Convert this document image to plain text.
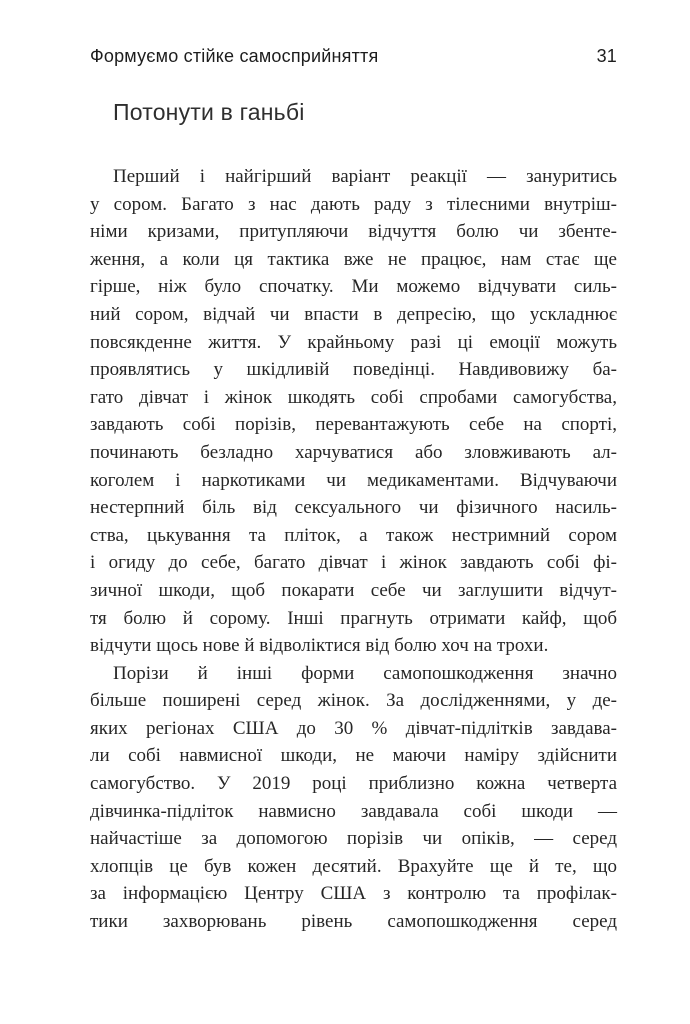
Формуємо стійке самосприйняття	31
Потонути в ганьбі
Перший і найгірший варіант реакції — зануритись
у сором. Багато з нас дають раду з тілесними внутріш-
німи кризами, притупляючи відчуття болю чи збенте-
ження, а коли ця тактика вже не працює, нам стає ще
гірше, ніж було спочатку. Ми можемо відчувати силь-
ний сором, відчай чи впасти в депресію, що ускладнює
повсякденне життя. У крайньому разі ці емоції можуть
проявлятись у шкідливій поведінці. Навдивовижу ба-
гато дівчат і жінок шкодять собі спробами самогубства,
завдають собі порізів, перевантажують себе на спорті,
починають безладно харчуватися або зловживають ал-
коголем і наркотиками чи медикаментами. Відчуваючи
нестерпний біль від сексуального чи фізичного насиль-
ства, цькування та пліток, а також нестримний сором
і огиду до себе, багато дівчат і жінок завдають собі фі-
зичної шкоди, щоб покарати себе чи заглушити відчут-
тя болю й сорому. Інші прагнуть отримати кайф, щоб
відчути щось нове й відволіктися від болю хоч на трохи.
Порізи й інші форми самопошкодження значно
більше поширені серед жінок. За дослідженнями, у де-
яких регіонах США до 30 % дівчат-підлітків завдава-
ли собі навмисної шкоди, не маючи наміру здійснити
самогубство. У 2019 році приблизно кожна четверта
дівчинка-підліток навмисно завдавала собі шкоди —
найчастіше за допомогою порізів чи опіків, — серед
хлопців це був кожен десятий. Врахуйте ще й те, що
за інформацією Центру США з контролю та профілак-
тики захворювань рівень самопошкодження серед
